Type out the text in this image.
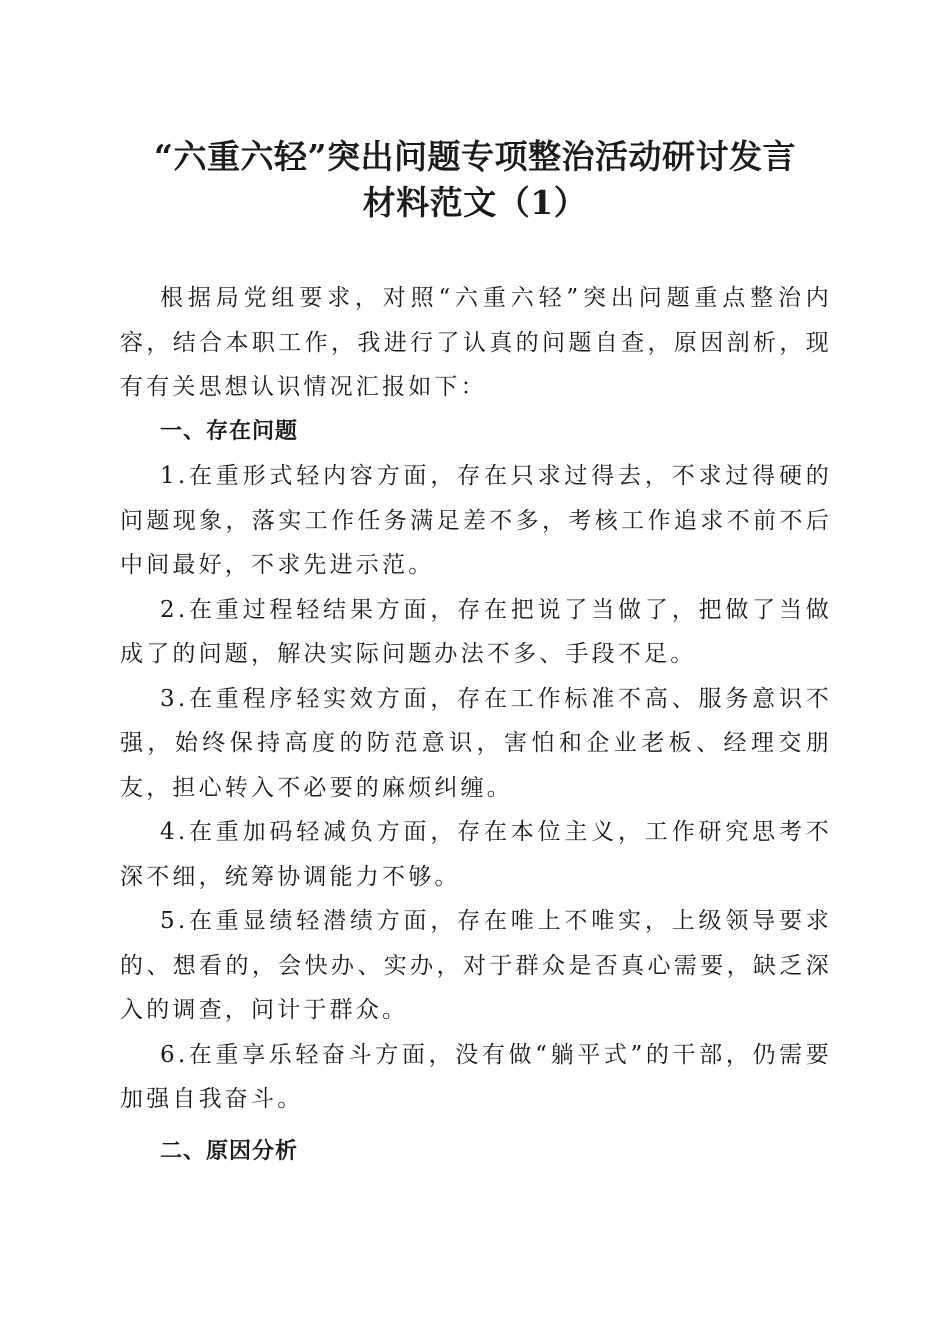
“六重六轻”突出问题专项整治活动研讨发言
材料范文（1）

根据局党组要求，对照“六重六轻”突出问题重点整治内容，结合本职工作，我进行了认真的问题自查，原因剖析，现有有关思想认识情况汇报如下：

一、存在问题

1.在重形式轻内容方面，存在只求过得去，不求过得硬的问题现象，落实工作任务满足差不多，考核工作追求不前不后中间最好，不求先进示范。

2.在重过程轻结果方面，存在把说了当做了，把做了当做成了的问题，解决实际问题办法不多、手段不足。

3.在重程序轻实效方面，存在工作标准不高、服务意识不强，始终保持高度的防范意识，害怕和企业老板、经理交朋友，担心转入不必要的麻烦纠缠。

4.在重加码轻减负方面，存在本位主义，工作研究思考不深不细，统筹协调能力不够。

5.在重显绩轻潜绩方面，存在唯上不唯实，上级领导要求的、想看的，会快办、实办，对于群众是否真心需要，缺乏深入的调查，问计于群众。

6.在重享乐轻奋斗方面，没有做“躺平式”的干部，仍需要加强自我奋斗。

二、原因分析
